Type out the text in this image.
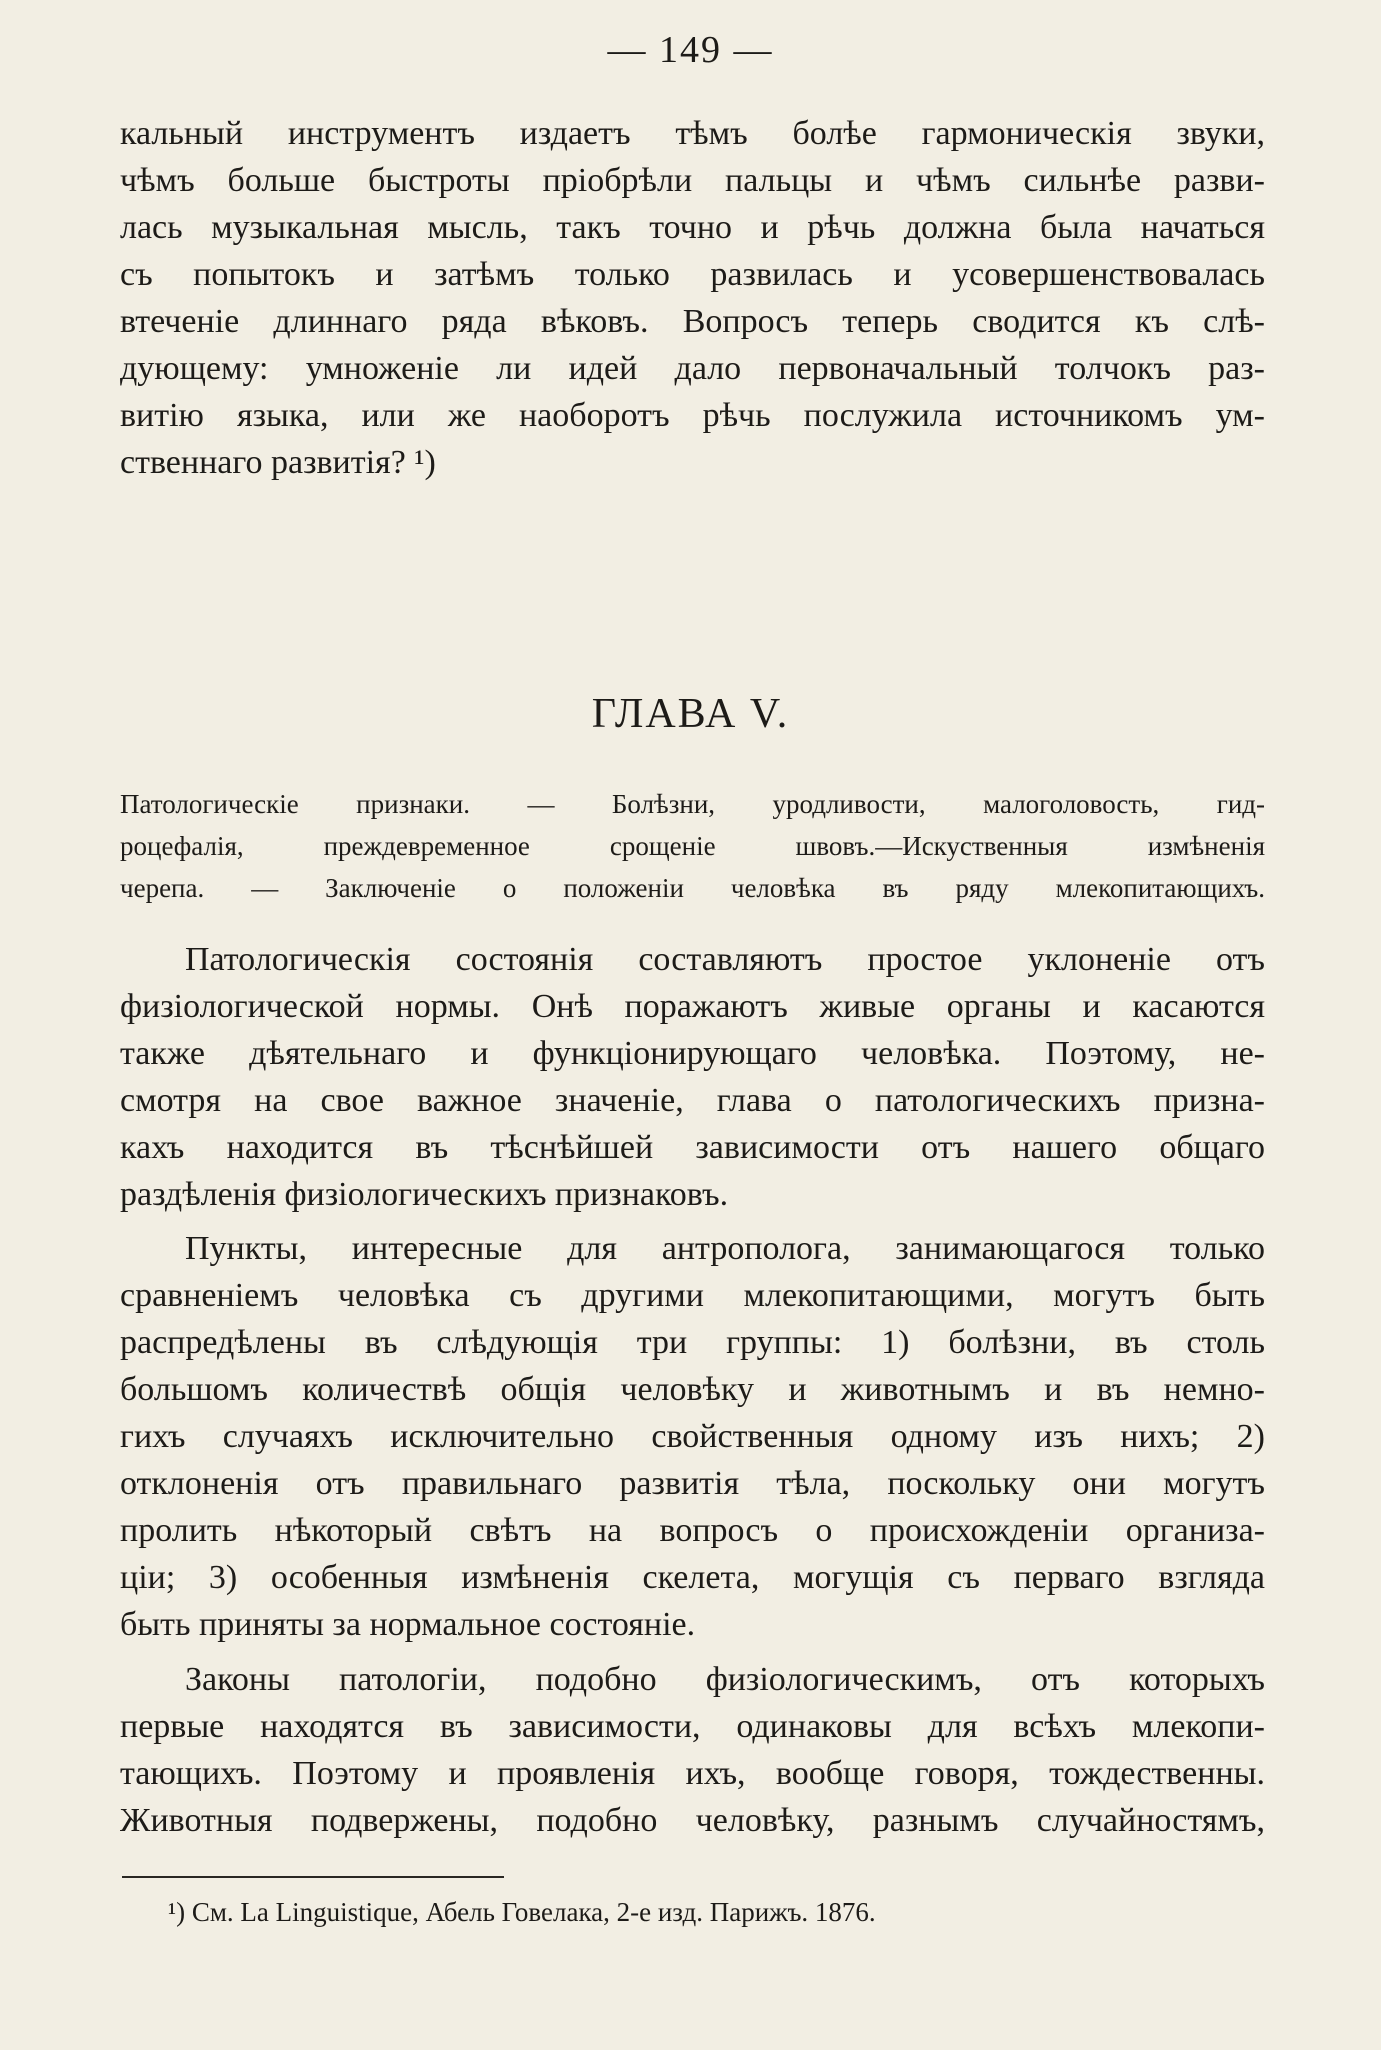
— 149 —
кальный инструментъ издаетъ тѣмъ болѣе гармоническія звуки,
чѣмъ больше быстроты пріобрѣли пальцы и чѣмъ сильнѣе разви-
лась музыкальная мысль, такъ точно и рѣчь должна была начаться
съ попытокъ и затѣмъ только развилась и усовершенствовалась
втеченіе длиннаго ряда вѣковъ. Вопросъ теперь сводится къ слѣ-
дующему: умноженіе ли идей дало первоначальный толчокъ раз-
витію языка, или же наоборотъ рѣчь послужила источникомъ ум-
ственнаго развитія? ¹)
ГЛАВА V.
Патологическіе признаки. — Болѣзни, уродливости, малоголовость, гид-
роцефалія, преждевременное срощеніе швовъ.—Искуственныя измѣненія
черепа. — Заключеніе о положеніи человѣка въ ряду млекопитающихъ.
Патологическія состоянія составляютъ простое уклоненіе отъ
физіологической нормы. Онѣ поражаютъ живые органы и касаются
также дѣятельнаго и функціонирующаго человѣка. Поэтому, не-
смотря на свое важное значеніе, глава о патологическихъ призна-
кахъ находится въ тѣснѣйшей зависимости отъ нашего общаго
раздѣленія физіологическихъ признаковъ.
Пункты, интересные для антрополога, занимающагося только
сравненіемъ человѣка съ другими млекопитающими, могутъ быть
распредѣлены въ слѣдующія три группы: 1) болѣзни, въ столь
большомъ количествѣ общія человѣку и животнымъ и въ немно-
гихъ случаяхъ исключительно свойственныя одному изъ нихъ; 2)
отклоненія отъ правильнаго развитія тѣла, поскольку они могутъ
пролить нѣкоторый свѣтъ на вопросъ о происхожденіи организа-
ціи; 3) особенныя измѣненія скелета, могущія съ перваго взгляда
быть приняты за нормальное состояніе.
Законы патологіи, подобно физіологическимъ, отъ которыхъ
первые находятся въ зависимости, одинаковы для всѣхъ млекопи-
тающихъ. Поэтому и проявленія ихъ, вообще говоря, тождественны.
Животныя подвержены, подобно человѣку, разнымъ случайностямъ,
¹) См. La Linguistique, Абель Говелака, 2-е изд. Парижъ. 1876.
